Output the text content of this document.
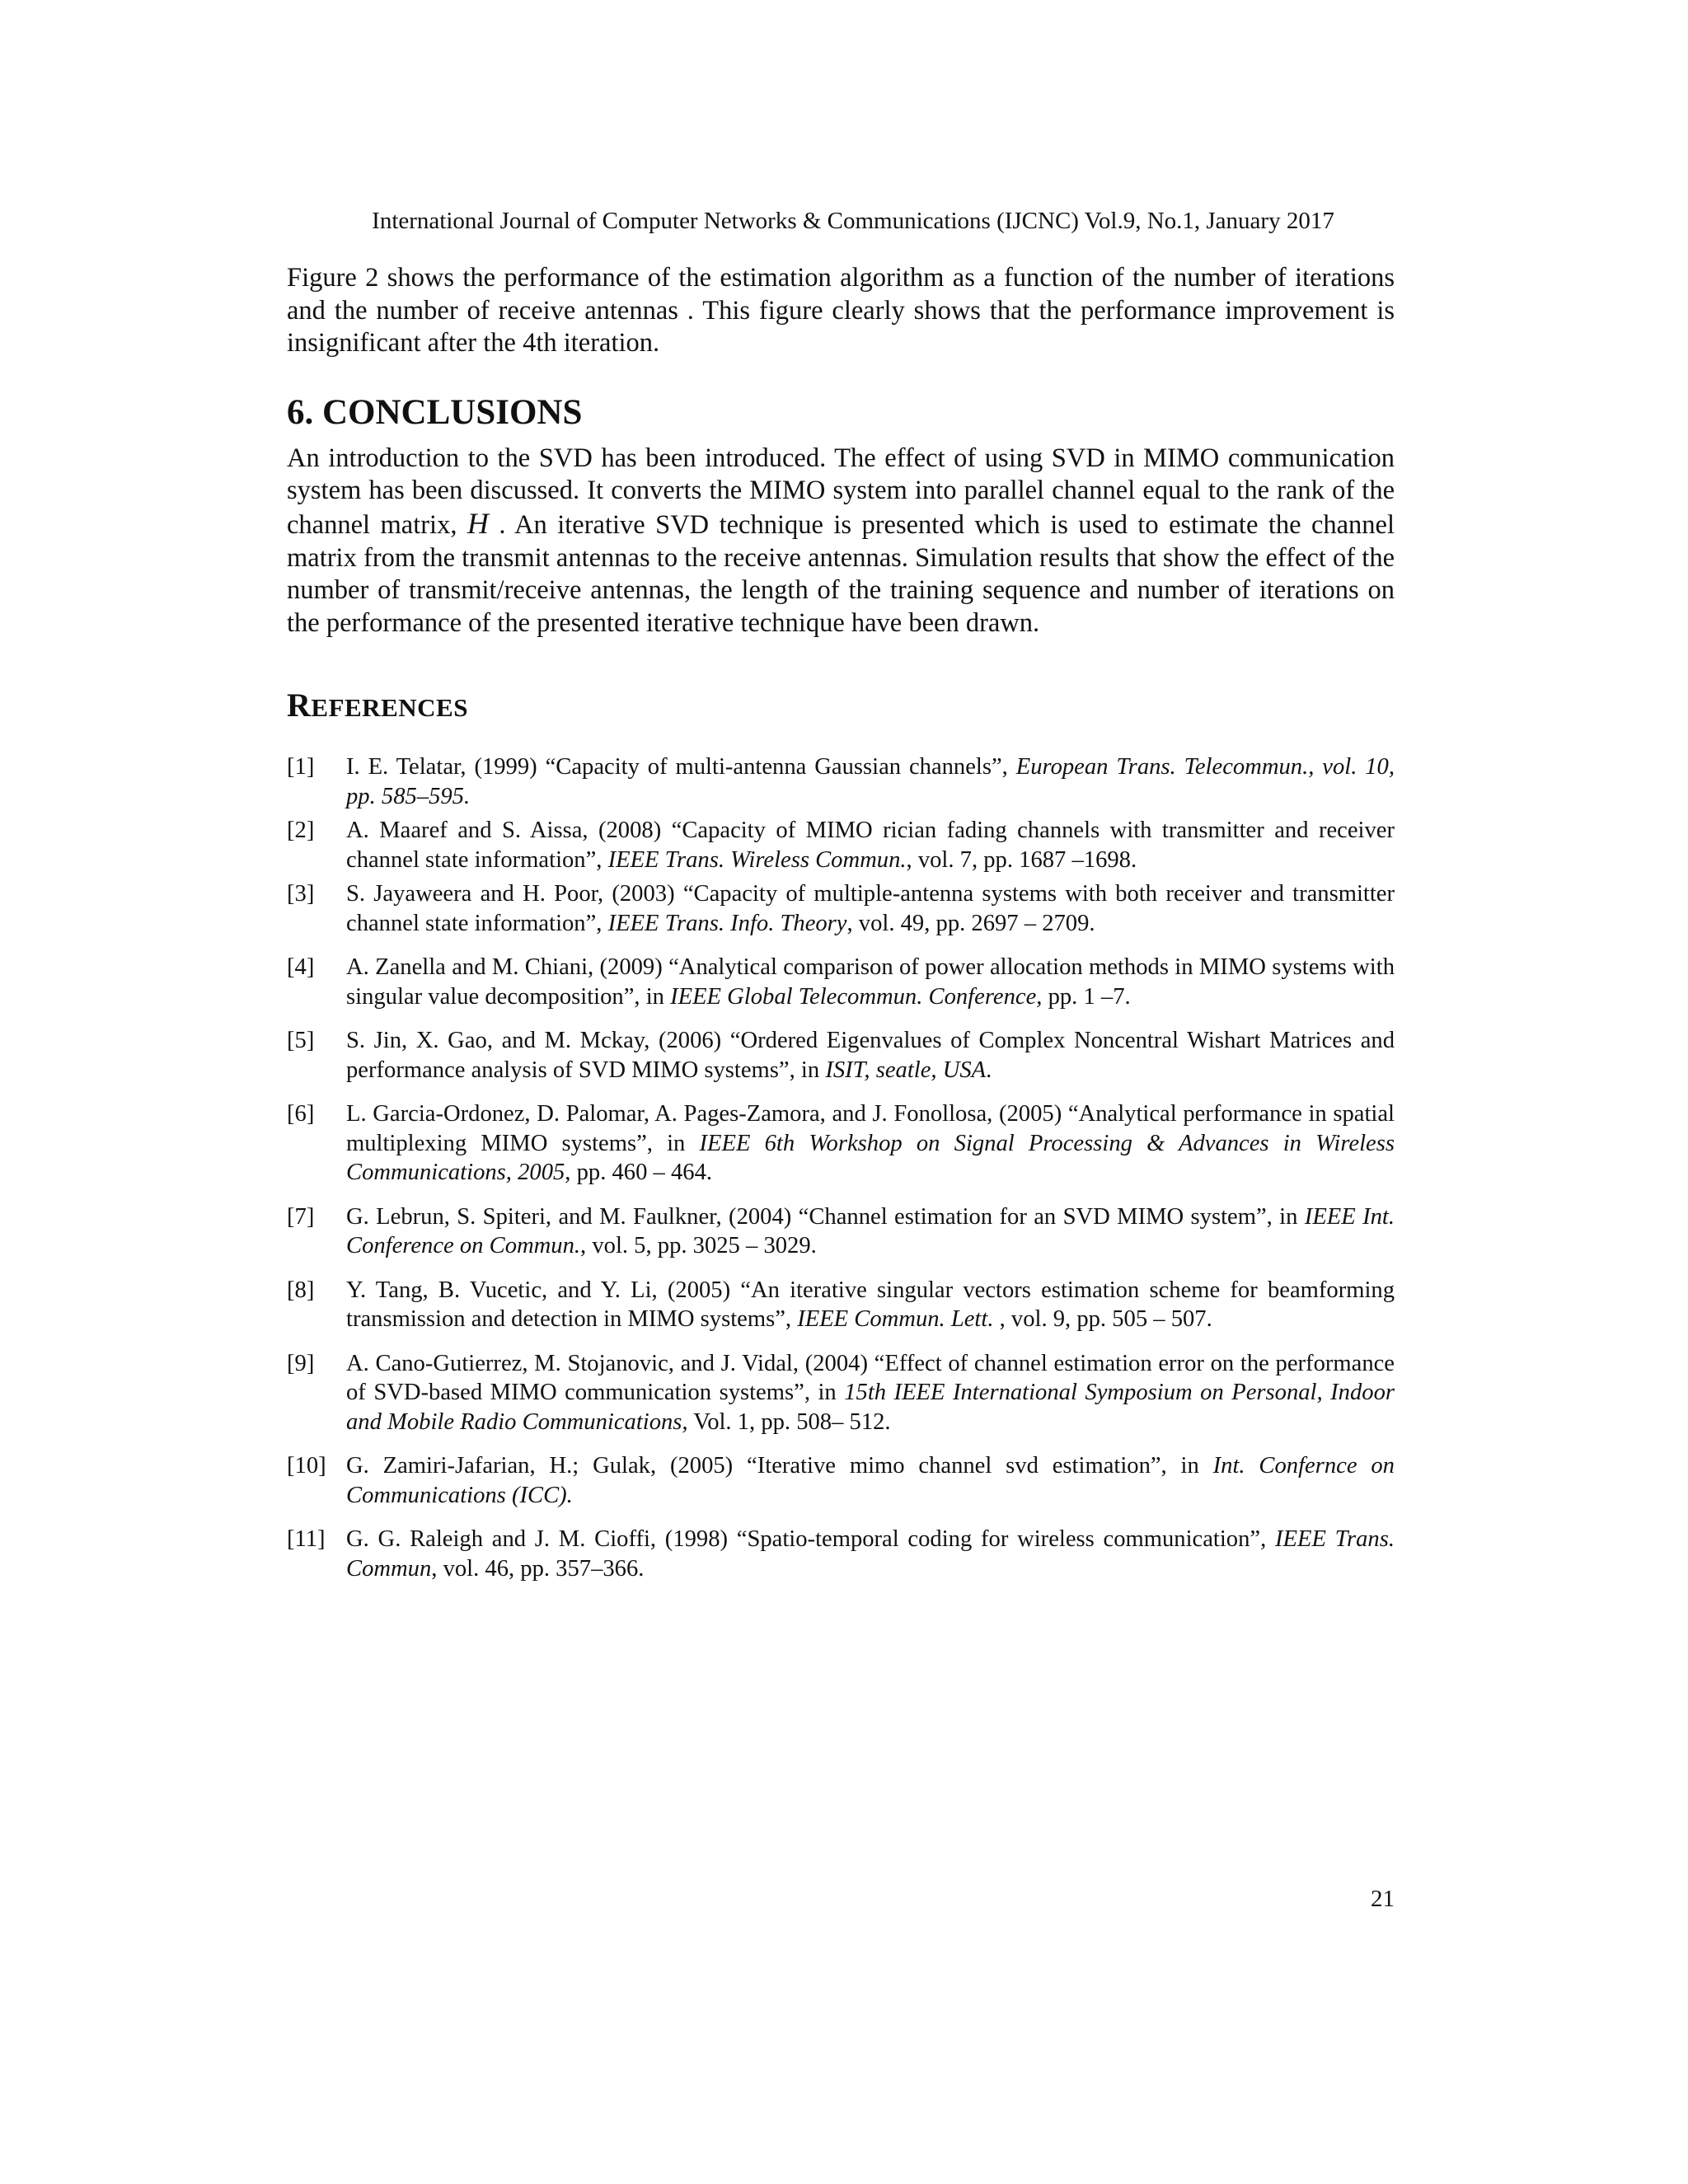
International Journal of Computer Networks & Communications (IJCNC) Vol.9, No.1, January 2017

Figure 2 shows the performance of the estimation algorithm as a function of the number of iterations and the number of receive antennas . This figure clearly shows that the performance improvement is insignificant after the 4th iteration.

6. CONCLUSIONS

An introduction to the SVD has been introduced. The effect of using SVD in MIMO communication system has been discussed. It converts the MIMO system into parallel channel equal to the rank of the channel matrix, H . An iterative SVD technique is presented which is used to estimate the channel matrix from the transmit antennas to the receive antennas. Simulation results that show the effect of the number of transmit/receive antennas, the length of the training sequence and number of iterations on the performance of the presented iterative technique have been drawn.

REFERENCES
[1]	I. E. Telatar, (1999) “Capacity of multi-antenna Gaussian channels”, European Trans. Telecommun., vol. 10, pp. 585–595.
[2]	A. Maaref and S. Aissa, (2008) “Capacity of MIMO rician fading channels with transmitter and receiver channel state information”, IEEE Trans. Wireless Commun., vol. 7, pp. 1687 –1698.
[3]	S. Jayaweera and H. Poor, (2003) “Capacity of multiple-antenna systems with both receiver and transmitter channel state information”, IEEE Trans. Info. Theory, vol. 49, pp. 2697 – 2709.
[4]	A. Zanella and M. Chiani, (2009) “Analytical comparison of power allocation methods in MIMO systems with singular value decomposition”, in IEEE Global Telecommun. Conference, pp. 1 –7.
[5]	S. Jin, X. Gao, and M. Mckay, (2006) “Ordered Eigenvalues of Complex Noncentral Wishart Matrices and performance analysis of SVD MIMO systems”, in ISIT, seatle, USA.
[6]	L. Garcia-Ordonez, D. Palomar, A. Pages-Zamora, and J. Fonollosa, (2005) “Analytical performance in spatial multiplexing MIMO systems”, in IEEE 6th Workshop on Signal Processing & Advances in Wireless Communications, 2005, pp. 460 – 464.
[7]	G. Lebrun, S. Spiteri, and M. Faulkner, (2004) “Channel estimation for an SVD MIMO system”, in IEEE Int. Conference on Commun., vol. 5, pp. 3025 – 3029.
[8]	Y. Tang, B. Vucetic, and Y. Li, (2005) “An iterative singular vectors estimation scheme for beamforming transmission and detection in MIMO systems”, IEEE Commun. Lett. , vol. 9, pp. 505 – 507.
[9]	A. Cano-Gutierrez, M. Stojanovic, and J. Vidal, (2004) “Effect of channel estimation error on the performance of SVD-based MIMO communication systems”, in 15th IEEE International Symposium on Personal, Indoor and Mobile Radio Communications, Vol. 1, pp. 508– 512.
[10] G. Zamiri-Jafarian, H.; Gulak, (2005) “Iterative mimo channel svd estimation”, in Int. Confernce on Communications (ICC).
[11] G. G. Raleigh and J. M. Cioffi, (1998) “Spatio-temporal coding for wireless communication”, IEEE Trans. Commun, vol. 46, pp. 357–366.
21
